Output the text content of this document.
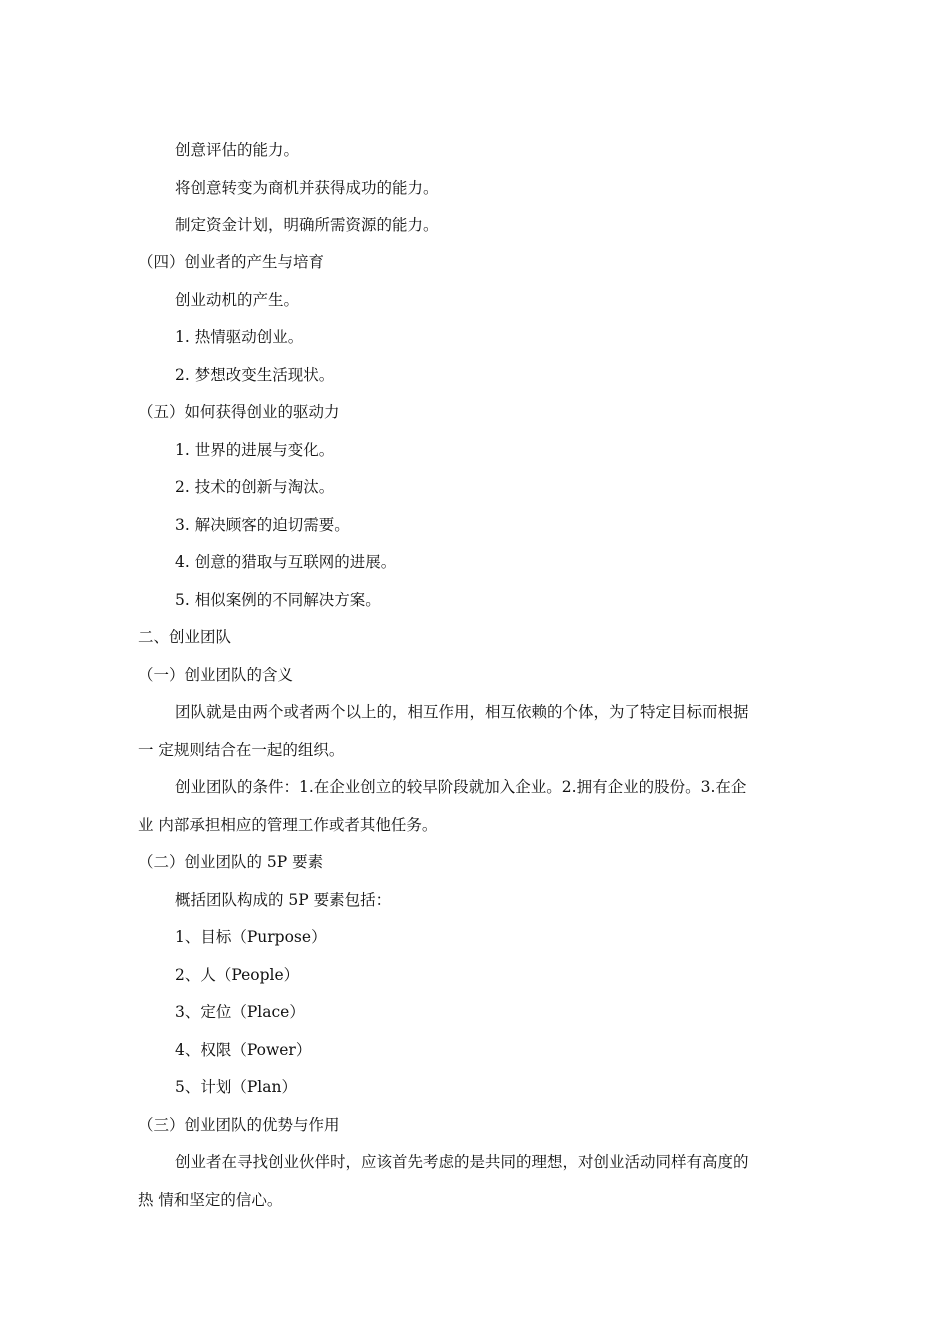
创意评估的能力。
将创意转变为商机并获得成功的能力。
制定资金计划，明确所需资源的能力。
（四）创业者的产生与培育
创业动机的产生。
1. 热情驱动创业。
2. 梦想改变生活现状。
（五）如何获得创业的驱动力
1. 世界的进展与变化。
2. 技术的创新与淘汰。
3. 解决顾客的迫切需要。
4. 创意的猎取与互联网的进展。
5. 相似案例的不同解决方案。
二、创业团队
（一）创业团队的含义
团队就是由两个或者两个以上的，相互作用，相互依赖的个体，为了特定目标而根据
一 定规则结合在一起的组织。
创业团队的条件：1.在企业创立的较早阶段就加入企业。2.拥有企业的股份。3.在企
业 内部承担相应的管理工作或者其他任务。
（二）创业团队的 5P 要素
概括团队构成的 5P 要素包括：
1、目标（Purpose）
2、人（People）
3、定位（Place）
4、权限（Power）
5、计划（Plan）
（三）创业团队的优势与作用
创业者在寻找创业伙伴时，应该首先考虑的是共同的理想，对创业活动同样有高度的
热 情和坚定的信心。
